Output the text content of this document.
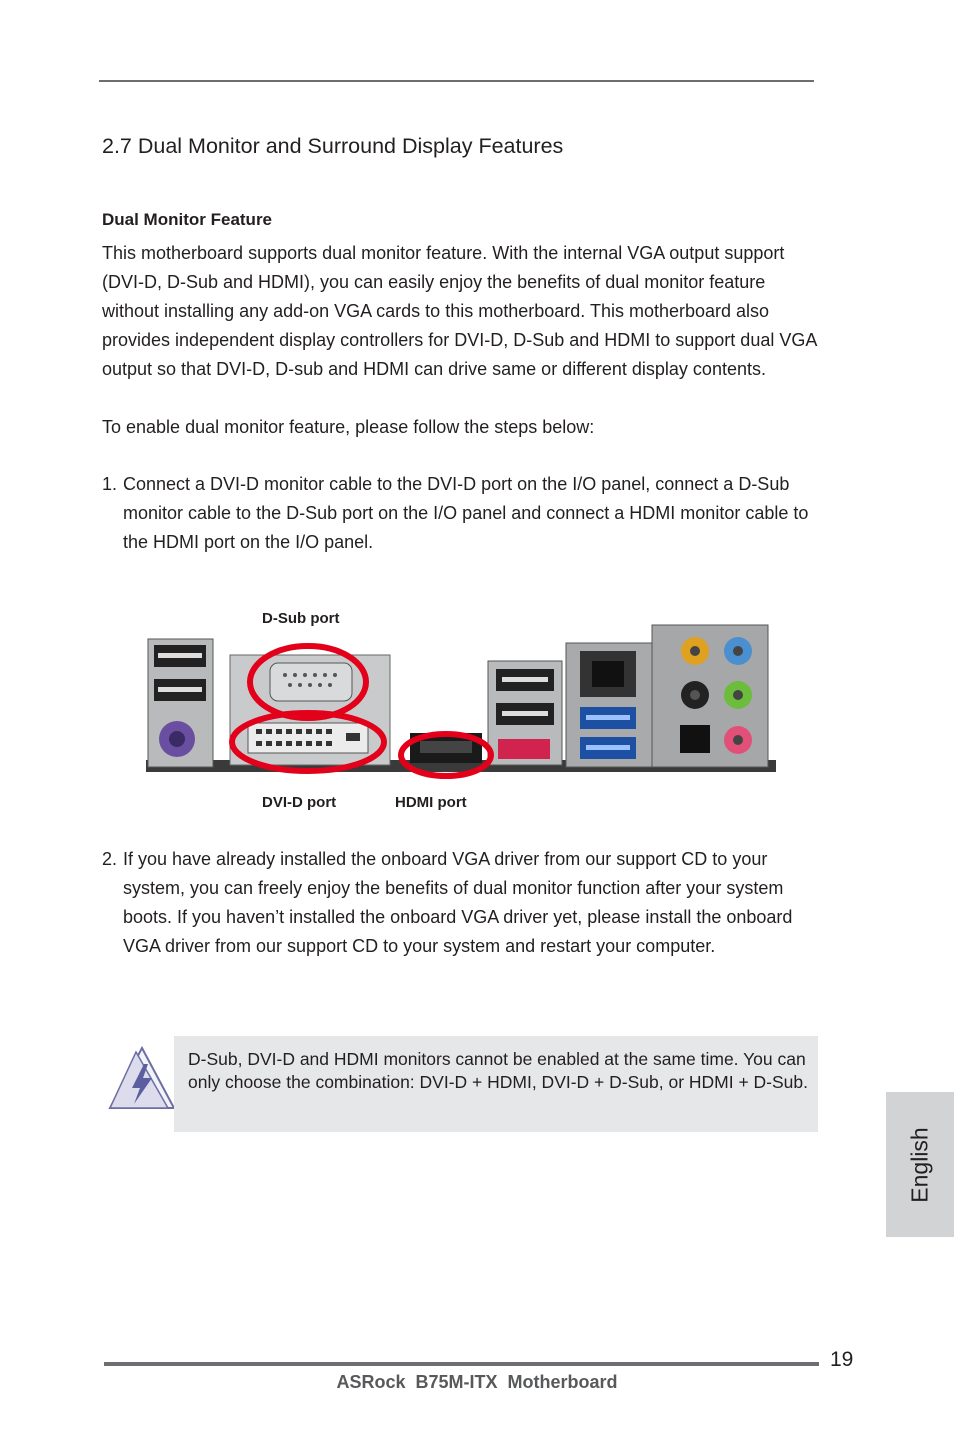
2.7 Dual Monitor and Surround Display Features
Dual Monitor Feature

This motherboard supports dual monitor feature. With the internal VGA output support (DVI-D, D-Sub and HDMI), you can easily enjoy the benefits of dual monitor feature without installing any add-on VGA cards to this motherboard. This motherboard also provides independent display controllers for DVI-D, D-Sub and HDMI to support dual VGA output so that DVI-D, D-sub and HDMI can drive same or different display contents.

To enable dual monitor feature, please follow the steps below:

1. Connect a DVI-D monitor cable to the DVI-D port on the I/O panel, connect a D-Sub monitor cable to the D-Sub port on the I/O panel and connect a HDMI monitor cable to the HDMI port on the I/O panel.
D-Sub port
DVI-D port	HDMI port
2. If you have already installed the onboard VGA driver from our support CD to your system, you can freely enjoy the benefits of dual monitor function after your system boots. If you haven’t installed the onboard VGA driver yet, please install the onboard VGA driver from our support CD to your system and restart your computer.

D-Sub, DVI-D and HDMI monitors cannot be enabled at the same time. You can only choose the combination: DVI-D + HDMI, DVI-D + D-Sub, or HDMI + D-Sub.

English
19
ASRock  B75M-ITX  Motherboard
